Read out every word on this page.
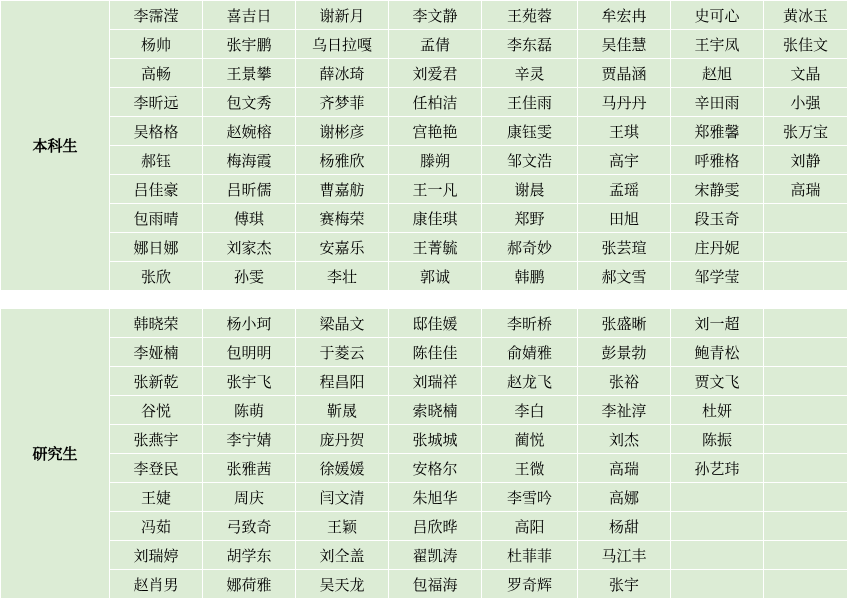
本科生	李霈滢	喜吉日	谢新月	李文静	王苑蓉	牟宏冉	史可心	黄冰玉
	杨帅	张宇鹏	乌日拉嘎	孟倩	李东磊	吴佳慧	王宇凤	张佳文
	高畅	王景攀	薛冰琦	刘爱君	辛灵	贾晶涵	赵旭	文晶
	李昕远	包文秀	齐梦菲	任柏洁	王佳雨	马丹丹	辛田雨	小强
	吴格格	赵婉榕	谢彬彦	宫艳艳	康钰雯	王琪	郑雅馨	张万宝
	郝钰	梅海霞	杨雅欣	滕朔	邹文浩	高宇	呼雅格	刘静
	吕佳豪	吕昕儒	曹嘉舫	王一凡	谢晨	孟瑶	宋静雯	高瑞
	包雨晴	傅琪	赛梅荣	康佳琪	郑野	田旭	段玉奇	
	娜日娜	刘家杰	安嘉乐	王菁毓	郝奇妙	张芸瑄	庄丹妮	
	张欣	孙雯	李壮	郭诚	韩鹏	郝文雪	邹学莹	
研究生	韩晓荣	杨小珂	梁晶文	邸佳媛	李昕桥	张盛晰	刘一超	
	李娅楠	包明明	于菱云	陈佳佳	俞婧雅	彭景勃	鲍青松	
	张新乾	张宇飞	程昌阳	刘瑞祥	赵龙飞	张裕	贾文飞	
	谷悦	陈萌	靳晟	索晓楠	李白	李祉淳	杜妍	
	张燕宇	李宁婧	庞丹贺	张城城	蔺悦	刘杰	陈振	
	李登民	张雅茜	徐媛媛	安格尔	王微	高瑞	孙艺玮	
	王婕	周庆	闫文清	朱旭华	李雪吟	高娜		
	冯茹	弓致奇	王颖	吕欣晔	高阳	杨甜		
	刘瑞婷	胡学东	刘仝盖	翟凯涛	杜菲菲	马江丰		
	赵肖男	娜荷雅	吴天龙	包福海	罗奇辉	张宇		
